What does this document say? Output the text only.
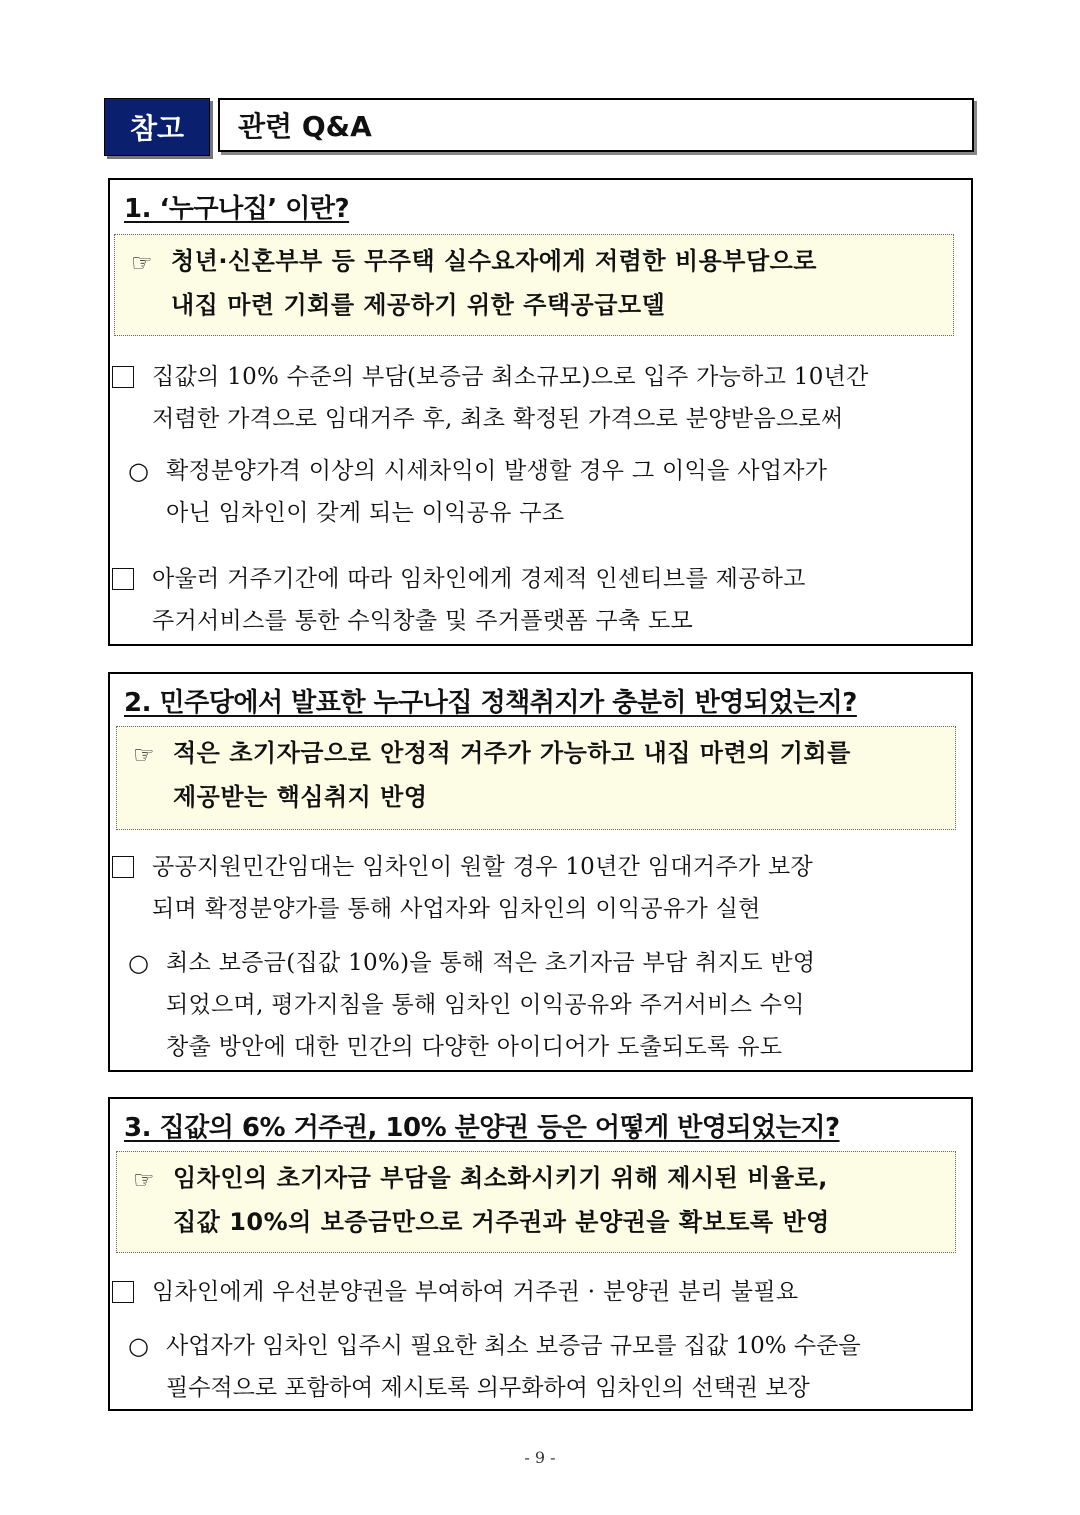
참고	관련 Q&A
1. ‘누구나집’ 이란?
☞ 청년·신혼부부 등 무주택 실수요자에게 저렴한 비용부담으로
내집 마련 기회를 제공하기 위한 주택공급모델
집값의 10% 수준의 부담(보증금 최소규모)으로 입주 가능하고 10년간
저렴한 가격으로 임대거주 후, 최초 확정된 가격으로 분양받음으로써
○ 확정분양가격 이상의 시세차익이 발생할 경우 그 이익을 사업자가
아닌 임차인이 갖게 되는 이익공유 구조
아울러 거주기간에 따라 임차인에게 경제적 인센티브를 제공하고
주거서비스를 통한 수익창출 및 주거플랫폼 구축 도모
2. 민주당에서 발표한 누구나집 정책취지가 충분히 반영되었는지?
☞ 적은 초기자금으로 안정적 거주가 가능하고 내집 마련의 기회를
제공받는 핵심취지 반영
공공지원민간임대는 임차인이 원할 경우 10년간 임대거주가 보장
되며 확정분양가를 통해 사업자와 임차인의 이익공유가 실현
○ 최소 보증금(집값 10%)을 통해 적은 초기자금 부담 취지도 반영
되었으며, 평가지침을 통해 임차인 이익공유와 주거서비스 수익
창출 방안에 대한 민간의 다양한 아이디어가 도출되도록 유도
3. 집값의 6% 거주권, 10% 분양권 등은 어떻게 반영되었는지?
☞ 임차인의 초기자금 부담을 최소화시키기 위해 제시된 비율로,
집값 10%의 보증금만으로 거주권과 분양권을 확보토록 반영
임차인에게 우선분양권을 부여하여 거주권 · 분양권 분리 불필요
○ 사업자가 임차인 입주시 필요한 최소 보증금 규모를 집값 10% 수준을
필수적으로 포함하여 제시토록 의무화하여 임차인의 선택권 보장
- 9 -
